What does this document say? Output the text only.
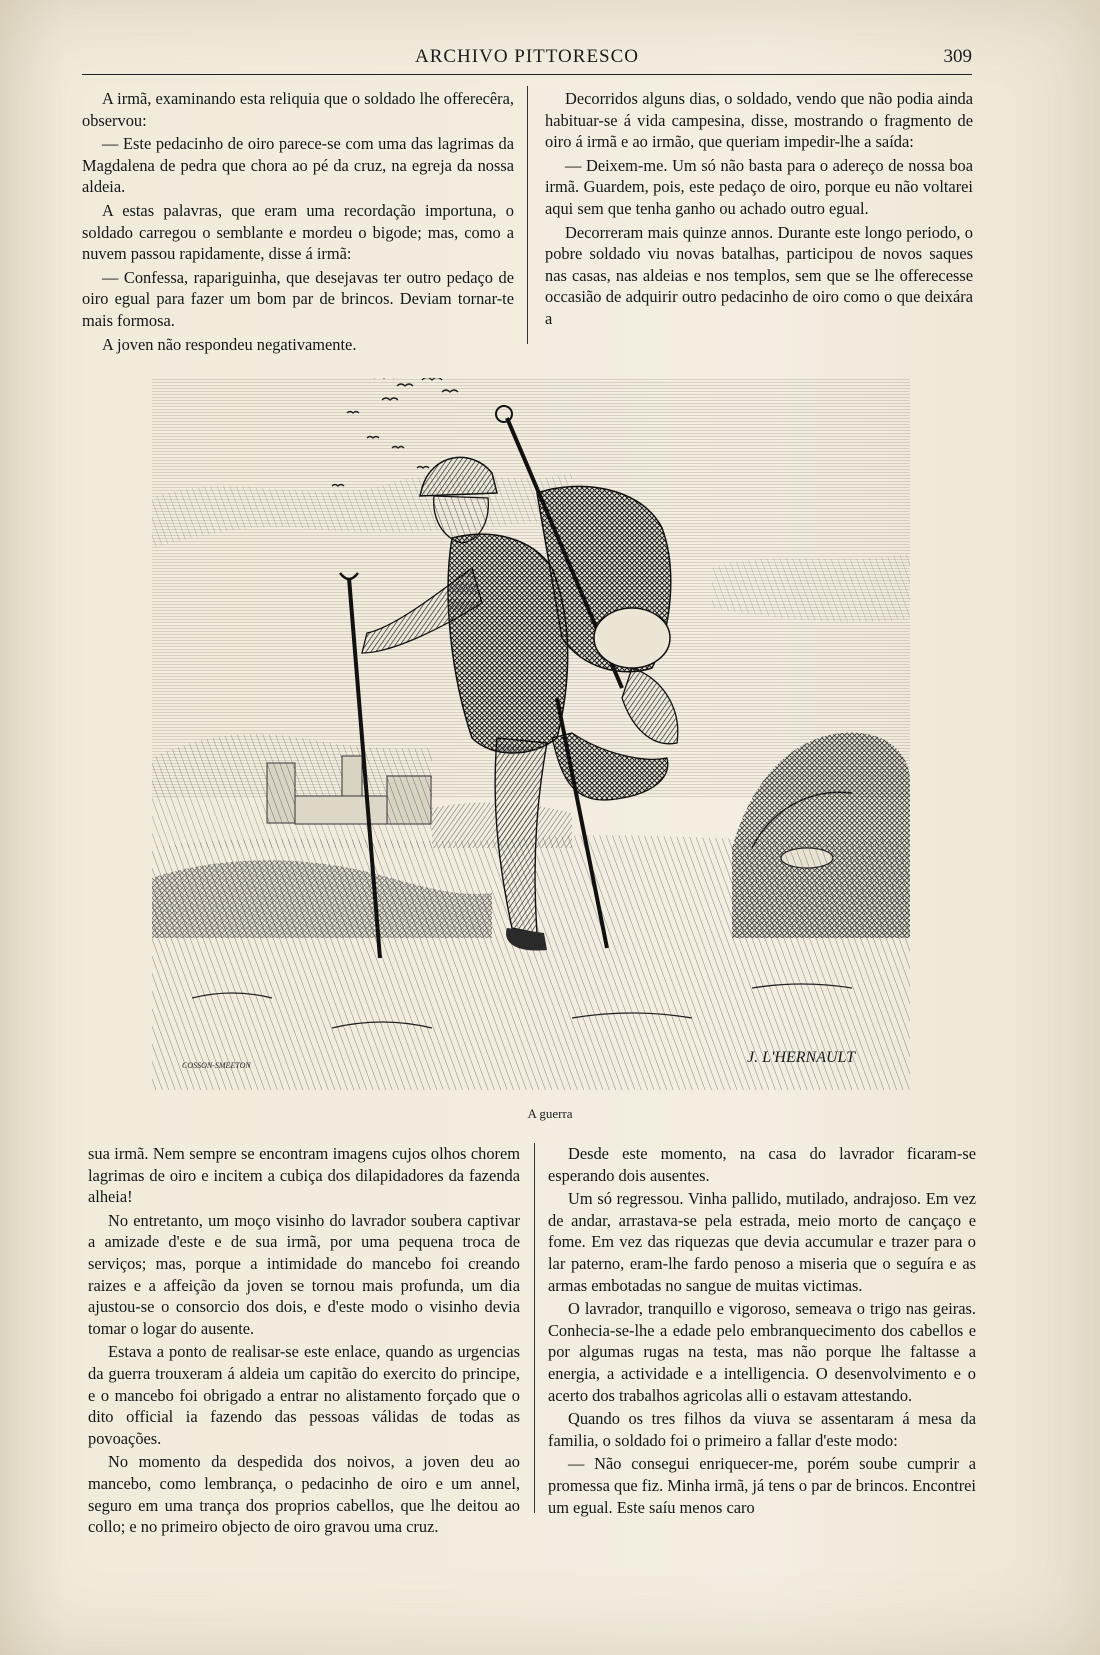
ARCHIVO PITTORESCO	309

A irmã, examinando esta reliquia que o soldado lhe offerecêra, observou:

— Este pedacinho de oiro parece-se com uma das lagrimas da Magdalena de pedra que chora ao pé da cruz, na egreja da nossa aldeia.

A estas palavras, que eram uma recordação importuna, o soldado carregou o semblante e mordeu o bigode; mas, como a nuvem passou rapidamente, disse á irmã:

— Confessa, rapariguinha, que desejavas ter outro pedaço de oiro egual para fazer um bom par de brincos. Deviam tornar-te mais formosa.

A joven não respondeu negativamente.

Decorridos alguns dias, o soldado, vendo que não podia ainda habituar-se á vida campesina, disse, mostrando o fragmento de oiro á irmã e ao irmão, que queriam impedir-lhe a saída:

— Deixem-me. Um só não basta para o adereço de nossa boa irmã. Guardem, pois, este pedaço de oiro, porque eu não voltarei aqui sem que tenha ganho ou achado outro egual.

Decorreram mais quinze annos. Durante este longo periodo, o pobre soldado viu novas batalhas, participou de novos saques nas casas, nas aldeias e nos templos, sem que se lhe offerecesse occasião de adquirir outro pedacinho de oiro como o que deixára a

COSSON-SMEETON	J. L'HERNAULT
A guerra

sua irmã. Nem sempre se encontram imagens cujos olhos chorem lagrimas de oiro e incitem a cubiça dos dilapidadores da fazenda alheia!

No entretanto, um moço visinho do lavrador soubera captivar a amizade d'este e de sua irmã, por uma pequena troca de serviços; mas, porque a intimidade do mancebo foi creando raizes e a affeição da joven se tornou mais profunda, um dia ajustou-se o consorcio dos dois, e d'este modo o visinho devia tomar o logar do ausente.

Estava a ponto de realisar-se este enlace, quando as urgencias da guerra trouxeram á aldeia um capitão do exercito do principe, e o mancebo foi obrigado a entrar no alistamento forçado que o dito official ia fazendo das pessoas válidas de todas as povoações.

No momento da despedida dos noivos, a joven deu ao mancebo, como lembrança, o pedacinho de oiro e um annel, seguro em uma trança dos proprios cabellos, que lhe deitou ao collo; e no primeiro objecto de oiro gravou uma cruz.

Desde este momento, na casa do lavrador ficaram-se esperando dois ausentes.

Um só regressou. Vinha pallido, mutilado, andrajoso. Em vez de andar, arrastava-se pela estrada, meio morto de cançaço e fome. Em vez das riquezas que devia accumular e trazer para o lar paterno, eram-lhe fardo penoso a miseria que o seguíra e as armas embotadas no sangue de muitas victimas.

O lavrador, tranquillo e vigoroso, semeava o trigo nas geiras. Conhecia-se-lhe a edade pelo embranquecimento dos cabellos e por algumas rugas na testa, mas não porque lhe faltasse a energia, a actividade e a intelligencia. O desenvolvimento e o acerto dos trabalhos agricolas alli o estavam attestando.

Quando os tres filhos da viuva se assentaram á mesa da familia, o soldado foi o primeiro a fallar d'este modo:

— Não consegui enriquecer-me, porém soube cumprir a promessa que fiz. Minha irmã, já tens o par de brincos. Encontrei um egual. Este saíu menos caro
